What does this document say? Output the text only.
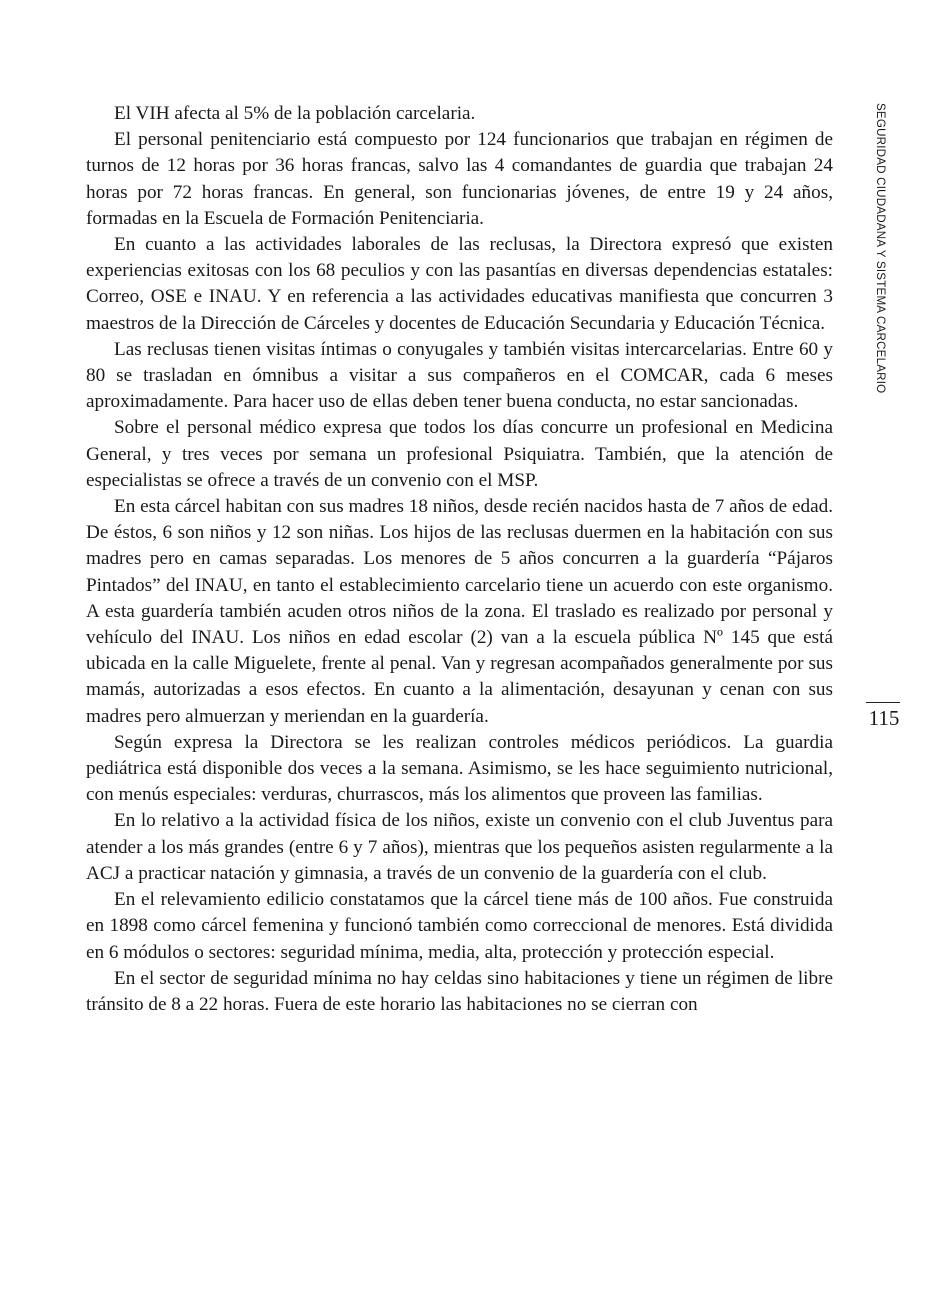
El VIH afecta al 5% de la población carcelaria.

El personal penitenciario está compuesto por 124 funcionarios que trabajan en régimen de turnos de 12 horas por 36 horas francas, salvo las 4 comandantes de guardia que trabajan 24 horas por 72 horas francas. En general, son funcionarias jóvenes, de entre 19 y 24 años, formadas en la Escuela de Formación Penitenciaria.

En cuanto a las actividades laborales de las reclusas, la Directora expresó que existen experiencias exitosas con los 68 peculios y con las pasantías en diversas dependencias estatales: Correo, OSE e INAU. Y en referencia a las actividades educativas manifiesta que concurren 3 maestros de la Dirección de Cárceles y docentes de Educación Secundaria y Educación Técnica.

Las reclusas tienen visitas íntimas o conyugales y también visitas intercarcelarias. Entre 60 y 80 se trasladan en ómnibus a visitar a sus compañeros en el COMCAR, cada 6 meses aproximadamente. Para hacer uso de ellas deben tener buena conducta, no estar sancionadas.

Sobre el personal médico expresa que todos los días concurre un profesional en Medicina General, y tres veces por semana un profesional Psiquiatra. También, que la atención de especialistas se ofrece a través de un convenio con el MSP.

En esta cárcel habitan con sus madres 18 niños, desde recién nacidos hasta de 7 años de edad. De éstos, 6 son niños y 12 son niñas. Los hijos de las reclusas duermen en la habitación con sus madres pero en camas separadas. Los menores de 5 años concurren a la guardería “Pájaros Pintados” del INAU, en tanto el establecimiento carcelario tiene un acuerdo con este organismo. A esta guardería también acuden otros niños de la zona. El traslado es realizado por personal y vehículo del INAU. Los niños en edad escolar (2) van a la escuela pública Nº 145 que está ubicada en la calle Miguelete, frente al penal. Van y regresan acompañados generalmente por sus mamás, autorizadas a esos efectos. En cuanto a la alimentación, desayunan y cenan con sus madres pero almuerzan y meriendan en la guardería.

Según expresa la Directora se les realizan controles médicos periódicos. La guardia pediátrica está disponible dos veces a la semana. Asimismo, se les hace seguimiento nutricional, con menús especiales: verduras, churrascos, más los alimentos que proveen las familias.

En lo relativo a la actividad física de los niños, existe un convenio con el club Juventus para atender a los más grandes (entre 6 y 7 años), mientras que los pequeños asisten regularmente a la ACJ a practicar natación y gimnasia, a través de un convenio de la guardería con el club.

En el relevamiento edilicio constatamos que la cárcel tiene más de 100 años. Fue construida en 1898 como cárcel femenina y funcionó también como correccional de menores. Está dividida en 6 módulos o sectores: seguridad mínima, media, alta, protección y protección especial.

En el sector de seguridad mínima no hay celdas sino habitaciones y tiene un régimen de libre tránsito de 8 a 22 horas. Fuera de este horario las habitaciones no se cierran con

SEGURIDAD CIUDADANA Y SISTEMA CARCELARIO
115
